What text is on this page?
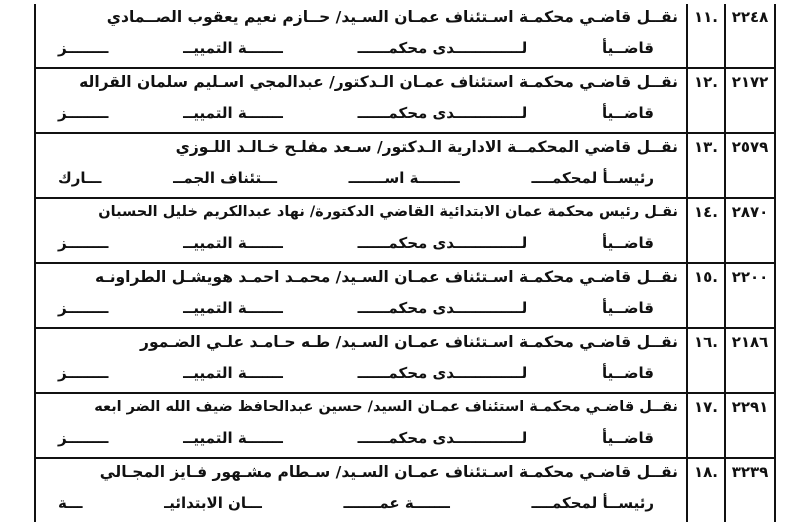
٢٢٤٨
.١١
نقــل قاضـي محكمـة اسـتئناف عمـان السـيد/ حــازم نعيم يعقوب الصــمادي
قاضــيأ
لـــــــــــــدى محكمــــــ
ـــــــة التمييــ
ــــــــز
٢١٧٢
.١٢
نقــل قاضـي محكمـة استئناف عمـان الـدكتور/ عبدالمجي اسـليم سلمان القراله
قاضــيأ
لـــــــــــــدى محكمــــــ
ـــــــة التمييــ
ــــــــز
٢٥٧٩
.١٣
نقــل قاضي المحكمــة الادارية الـدكتور/ سـعد مفلـح خـالـد اللـوزي
رئيســأ لمحكمــــ
ــــــــة اســـــــ
ـــتئناف الجمــ
ـــارك
٢٨٧٠
.١٤
نقـل رئيس محكمة عمان الابتدائية القاضي الدكتورة/ نهاد عبدالكريم خليل الحسبان
قاضــيأ
لـــــــــــــدى محكمــــــ
ـــــــة التمييــ
ــــــــز
٢٢٠٠
.١٥
نقــل قاضـي محكمـة اسـتئناف عمـان السـيد/ محمـد احمـد هويشـل الطراونـه
قاضــيأ
لـــــــــــــدى محكمــــــ
ـــــــة التمييــ
ــــــــز
٢١٨٦
.١٦
نقــل قاضـي محكمـة اسـتئناف عمـان السـيد/ طـه حـامـد علـي الضـمور
قاضــيأ
لـــــــــــــدى محكمــــــ
ـــــــة التمييــ
ــــــــز
٢٢٩١
.١٧
نقــل قاضـي محكمـة استئناف عمـان السيد/ حسين عبدالحافظ ضيف الله الضر ابعه
قاضــيأ
لـــــــــــــدى محكمــــــ
ـــــــة التمييــ
ــــــــز
٣٢٣٩
.١٨
نقــل قاضـي محكمـة اسـتئناف عمـان السـيد/ سـطام مشـهور فـايز المجـالي
رئيســأ لمحكمــــ
ـــــــة عمـــــــ
ـــان الابتدائيـ
ـــة
